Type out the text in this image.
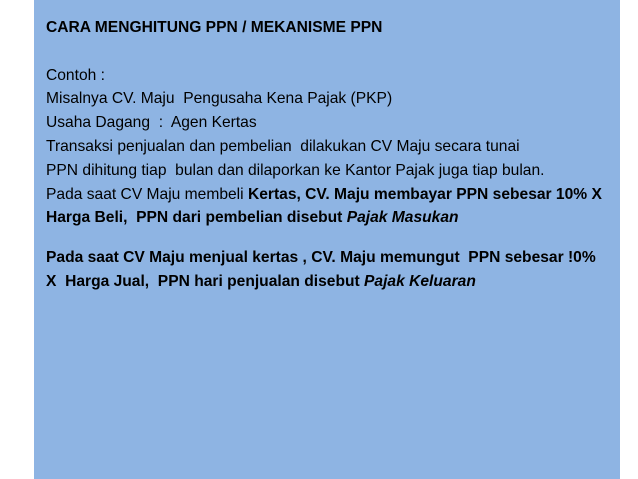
CARA MENGHITUNG PPN / MEKANISME PPN
Contoh :
Misalnya CV. Maju  Pengusaha Kena Pajak (PKP)
Usaha Dagang  :  Agen Kertas
Transaksi penjualan dan pembelian  dilakukan CV Maju secara tunai
PPN dihitung tiap  bulan dan dilaporkan ke Kantor Pajak juga tiap bulan.
Pada saat CV Maju membeli Kertas, CV. Maju membayar PPN sebesar 10% X  Harga Beli,  PPN dari pembelian disebut Pajak Masukan
Pada saat CV Maju menjual kertas , CV. Maju memungut  PPN sebesar !0%  X  Harga Jual,  PPN hari penjualan disebut Pajak Keluaran
